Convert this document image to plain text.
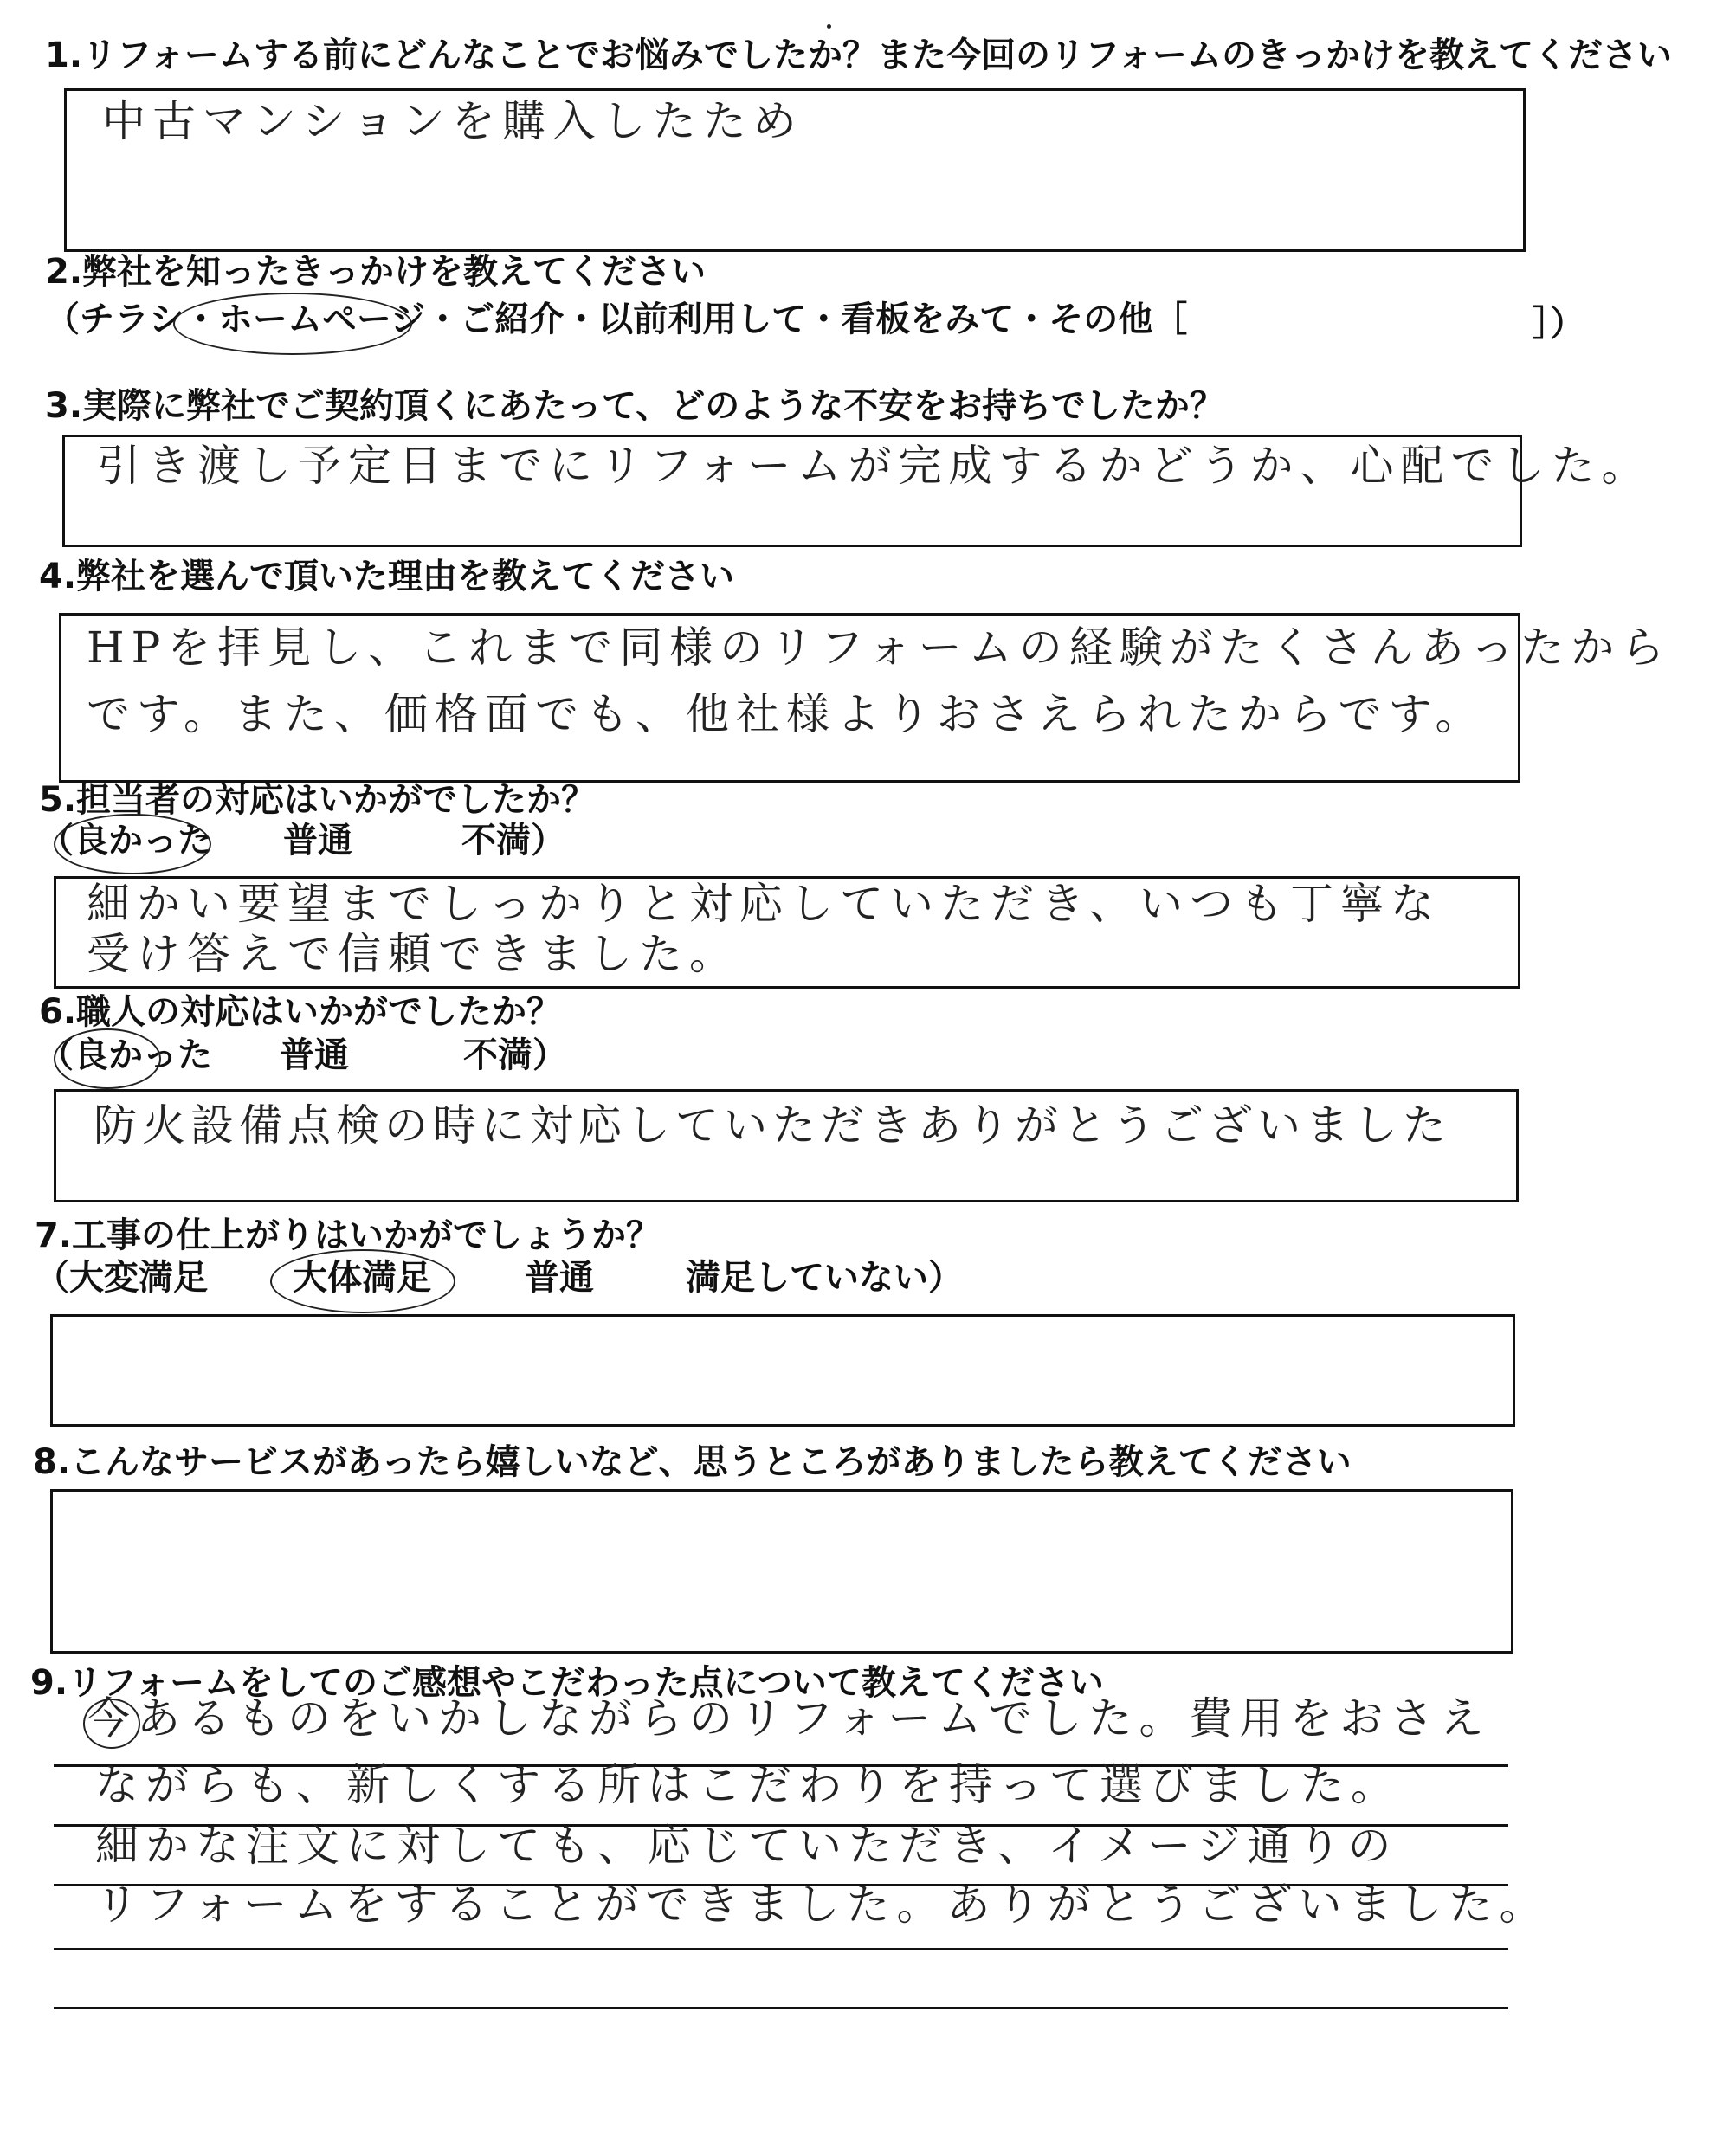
1.リフォームする前にどんなことでお悩みでしたか？また今回のリフォームのきっかけを教えてください
中古マンションを購入したため
2.弊社を知ったきっかけを教えてください
（チラシ・ホームページ・ご紹介・以前利用して・看板をみて・その他［	］）
3.実際に弊社でご契約頂くにあたって、どのような不安をお持ちでしたか？
引き渡し予定日までにリフォームが完成するかどうか、心配でした。
4.弊社を選んで頂いた理由を教えてください
HPを拝見し、これまで同様のリフォームの経験がたくさんあったから
です。また、価格面でも、他社様よりおさえられたからです。
5.担当者の対応はいかがでしたか？
（良かった 普通	不満）
細かい要望までしっかりと対応していただき、いつも丁寧な
受け答えで信頼できました。
6.職人の対応はいかがでしたか？
（良かった 普通	不満）
防火設備点検の時に対応していただきありがとうございました
7.工事の仕上がりはいかがでしょうか？
（大変満足 大体満足	普通	満足していない）
8.こんなサービスがあったら嬉しいなど、思うところがありましたら教えてください
9.リフォームをしてのご感想やこだわった点について教えてください
今あるものをいかしながらのリフォームでした。費用をおさえ
ながらも、新しくする所はこだわりを持って選びました。
細かな注文に対しても、応じていただき、イメージ通りの
リフォームをすることができました。ありがとうございました。
